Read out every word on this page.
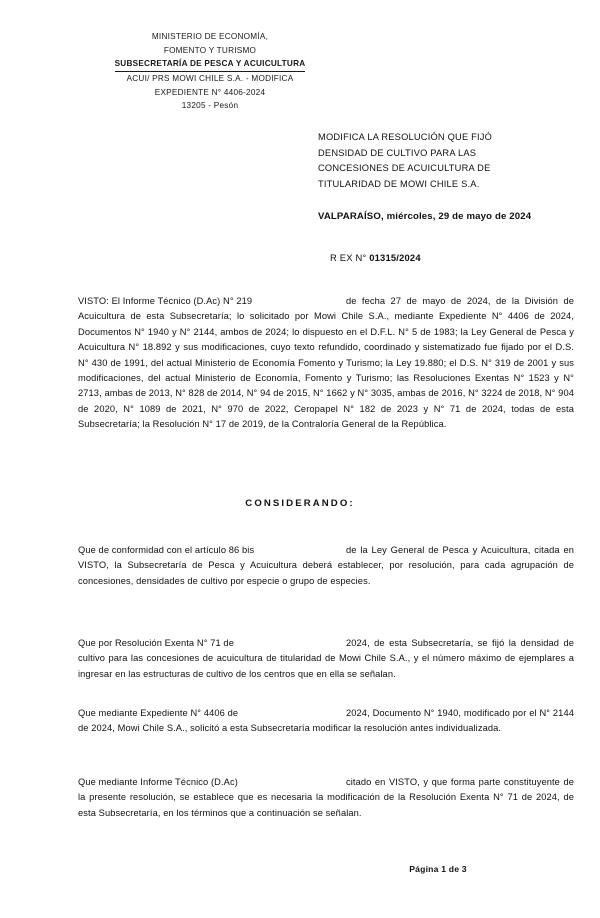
MINISTERIO DE ECONOMÍA,
FOMENTO Y TURISMO
SUBSECRETARÍA DE PESCA Y ACUICULTURA
ACUI/ PRS MOWI CHILE S.A. - MODIFICA
EXPEDIENTE N° 4406-2024
13205 - Pesón
MODIFICA LA RESOLUCIÓN QUE FIJÓ
DENSIDAD DE CULTIVO PARA LAS
CONCESIONES DE ACUICULTURA DE
TITULARIDAD DE MOWI CHILE S.A.
VALPARAÍSO, miércoles, 29 de mayo de 2024
R EX N° 01315/2024
VISTO: El Informe Técnico (D.Ac) N° 219	de fecha 27 de mayo de 2024, de la División de Acuicultura de esta Subsecretaría; lo solicitado por Mowi Chile S.A., mediante Expediente N° 4406 de 2024, Documentos N° 1940 y N° 2144, ambos de 2024; lo dispuesto en el D.F.L. N° 5 de 1983; la Ley General de Pesca y Acuicultura N° 18.892 y sus modificaciones, cuyo texto refundido, coordinado y sistematizado fue fijado por el D.S. N° 430 de 1991, del actual Ministerio de Economía Fomento y Turismo; la Ley 19.880; el D.S. N° 319 de 2001 y sus modificaciones, del actual Ministerio de Economía, Fomento y Turismo; las Resoluciones Exentas N° 1523 y N° 2713, ambas de 2013, N° 828 de 2014, N° 94 de 2015, N° 1662 y N° 3035, ambas de 2016, N° 3224 de 2018, N° 904 de 2020, N° 1089 de 2021, N° 970 de 2022, Ceropapel N° 182 de 2023 y N° 71 de 2024, todas de esta Subsecretaría; la Resolución N° 17 de 2019, de la Contraloría General de la República.
CONSIDERANDO:
Que de conformidad con el artículo 86 bis	de la Ley General de Pesca y Acuicultura, citada en VISTO, la Subsecretaría de Pesca y Acuicultura deberá establecer, por resolución, para cada agrupación de concesiones, densidades de cultivo por especie o grupo de especies.
Que por Resolución Exenta N° 71 de	2024, de esta Subsecretaría, se fijó la densidad de cultivo para las concesiones de acuicultura de titularidad de Mowi Chile S.A., y el número máximo de ejemplares a ingresar en las estructuras de cultivo de los centros que en ella se señalan.
Que mediante Expediente N° 4406 de	2024, Documento N° 1940, modificado por el N° 2144 de 2024, Mowi Chile S.A., solicitó a esta Subsecretaría modificar la resolución antes individualizada.
Que mediante Informe Técnico (D.Ac)	citado en VISTO, y que forma parte constituyente de la presente resolución, se establece que es necesaria la modificación de la Resolución Exenta N° 71 de 2024, de esta Subsecretaría, en los términos que a continuación se señalan.
Página 1 de 3
